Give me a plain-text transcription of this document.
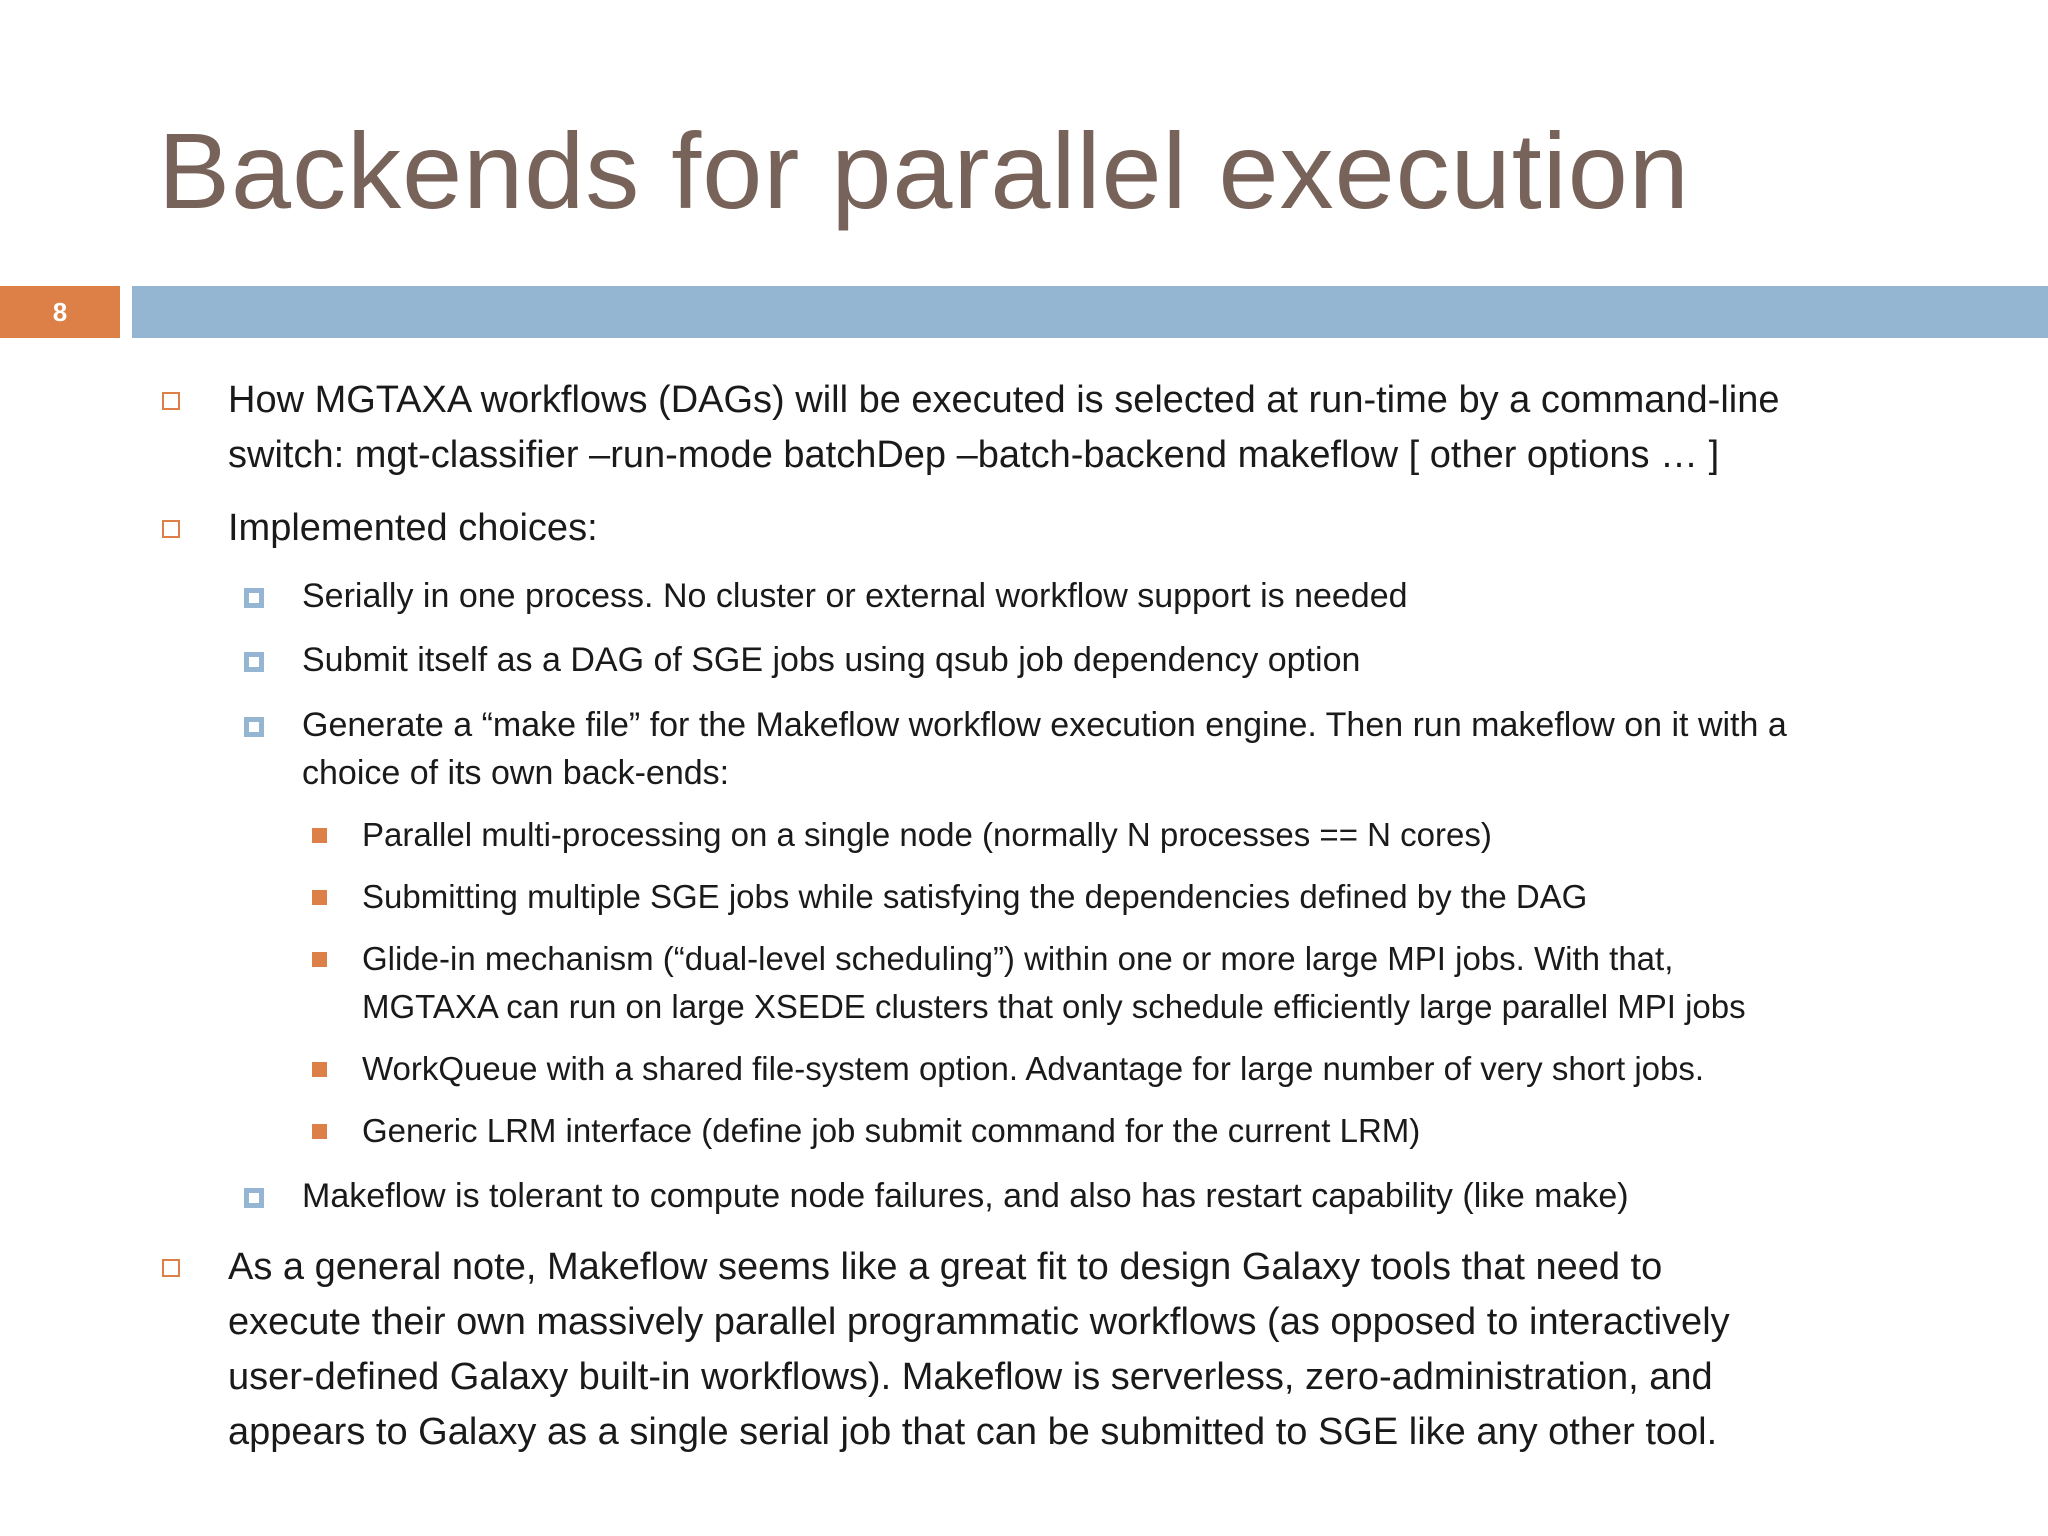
Backends for parallel execution
8
How MGTAXA workflows (DAGs) will be executed is selected at run-time by a command-line
switch: mgt-classifier –run-mode batchDep –batch-backend makeflow [ other options … ]
Implemented choices:
Serially in one process. No cluster or external workflow support is needed
Submit itself as a DAG of SGE jobs using qsub job dependency option
Generate a “make file” for the Makeflow workflow execution engine. Then run makeflow on it with a
choice of its own back-ends:
Parallel multi-processing on a single node (normally N processes == N cores)
Submitting multiple SGE jobs while satisfying the dependencies defined by the DAG
Glide-in mechanism (“dual-level scheduling”) within one or more large MPI jobs. With that,
MGTAXA can run on large XSEDE clusters that only schedule efficiently large parallel MPI jobs
WorkQueue with a shared file-system option. Advantage for large number of very short jobs.
Generic LRM interface (define job submit command for the current LRM)
Makeflow is tolerant to compute node failures, and also has restart capability (like make)
As a general note, Makeflow seems like a great fit to design Galaxy tools that need to
execute their own massively parallel programmatic workflows (as opposed to interactively
user-defined Galaxy built-in workflows). Makeflow is serverless, zero-administration, and
appears to Galaxy as a single serial job that can be submitted to SGE like any other tool.
